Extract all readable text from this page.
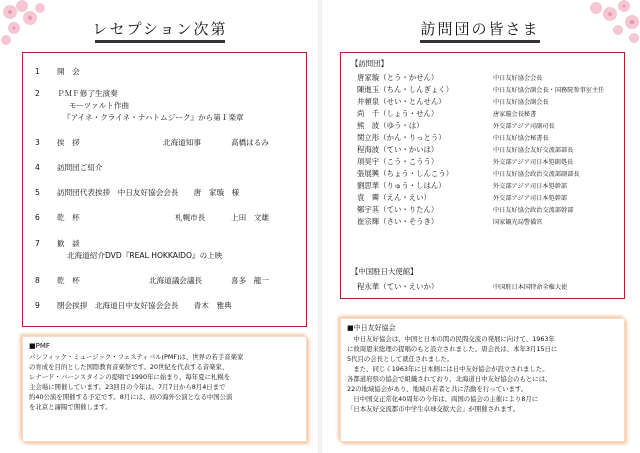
レセプション次第
1 開　会
2 ＰＭＦ修了生演奏
モーツァルト作曲
『アイネ・クライネ・ナハトムジーク』から第１楽章
3 挨　拶	北海道知事	高橋はるみ
4 訪問団ご紹介
5 訪問団代表挨拶　中日友好協会会長　　唐　家璇　様
6 乾　杯	札幌市長	上田　文雄
7 歓　談
北海道紹介DVD『REAL HOKKAIDO』の上映
8 乾　杯	北海道議会議長	喜多　龍一
9 閉会挨拶　北海道日中友好協会会長　　青木　雅典
■PMF
パシフィック・ミュージック・フェスティバル(PMF)は、世界の若手音楽家
の育成を目的とした国際教育音楽祭です。20世紀を代表する音楽家、
レナード・バーンスタインの提唱で1990年に始まり、毎年夏に札幌を
主会場に開催しています。23回目の今年は、7月7日から8月4日まで
約40公演を開催する予定です。8月には、初の海外公演となる中国公演
を北京と瀋陽で開催します。
訪問団の皆さま
【訪問団】
唐家璇（とう・かせん）	中日友好協会会長
陳進玉（ちん・しんぎょく）	中日友好協会副会長・国務院参事室主任
井頓泉（せい・とんせん）	中日友好協会副会長
尚　千（しょう・せん）	唐家璇会長秘書
熊　波（ゆう・は）	外交部アジア司副司長
関立彤（かん・りっとう）	中日友好協会秘書長
程海波（てい・かいは）	中日友好協会友好交流部部長
項昊宇（こう・こうう）	外交部アジア司日本処副処長
張展興（ちょう・しんこう）	中日友好協会政治交流部副部長
劉思華（りゅう・しはん）	外交部アジア司日本処幹部
袁　霽（えん・えい）	外交部アジア司日本処幹部
鄭宇其（てい・りたん）	中日友好協会政治交流部幹部
崔宗輝（さい・そうき）	国家観光局警備官
【中国駐日大使館】
程永華（てい・えいか）	中国駐日本国特命全権大使
■中日友好協会
　中日友好協会は、中国と日本の間の民間交流の発展に向けて、1963年
に故周恩来総理の提唱のもと設立されました。唐会長は、本年3月15日に
5代目の会長として就任されました。
　また、同じく1963年に日本側には日中友好協会が設立されました。
各都道府県の協会で組織されており、北海道日中友好協会のもとには、
22の地域協会があり、地域の若者と共に活動を行っています。
　日中国交正常化40周年の今年は、両国の協会の主催により8月に
「日本友好交流都市中学生卓球交歓大会」が開催されます。
